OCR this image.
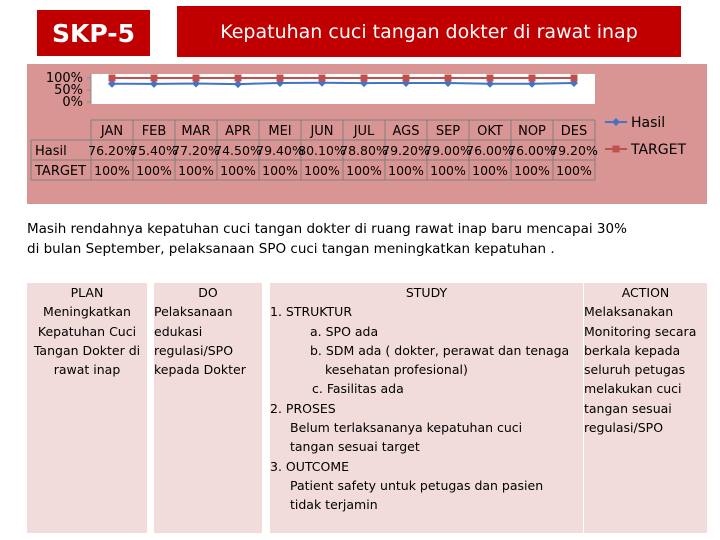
SKP-5	Kepatuhan cuci tangan dokter di rawat inap
100%
50%
0%
JAN FEB MAR APR MEI JUN JUL AGS SEP OKT NOP DES
Hasil 76.20%
75.40%
77.20%
74.50%
79.40%
80.10%
78.80%
79.20%
79.00%
76.00%
76.00%
79.20%
TARGET 100% 100% 100% 100% 100% 100% 100% 100% 100% 100% 100% 100%
Hasil
TARGET
Masih rendahnya kepatuhan cuci tangan dokter di ruang rawat inap baru mencapai 30%
di bulan September, pelaksanaan SPO cuci tangan meningkatkan kepatuhan .
PLAN
Meningkatkan
Kepatuhan Cuci
Tangan Dokter di
rawat inap
DO
Pelaksanaan
edukasi
regulasi/SPO
kepada Dokter
STUDY
1. STRUKTUR
a. SPO ada
b. SDM ada ( dokter, perawat dan tenaga
kesehatan profesional)
c. Fasilitas ada
2. PROSES
Belum terlaksananya kepatuhan cuci
tangan sesuai target
3. OUTCOME
Patient safety untuk petugas dan pasien
tidak terjamin
ACTION
Melaksanakan
Monitoring secara
berkala kepada
seluruh petugas
melakukan cuci
tangan sesuai
regulasi/SPO
